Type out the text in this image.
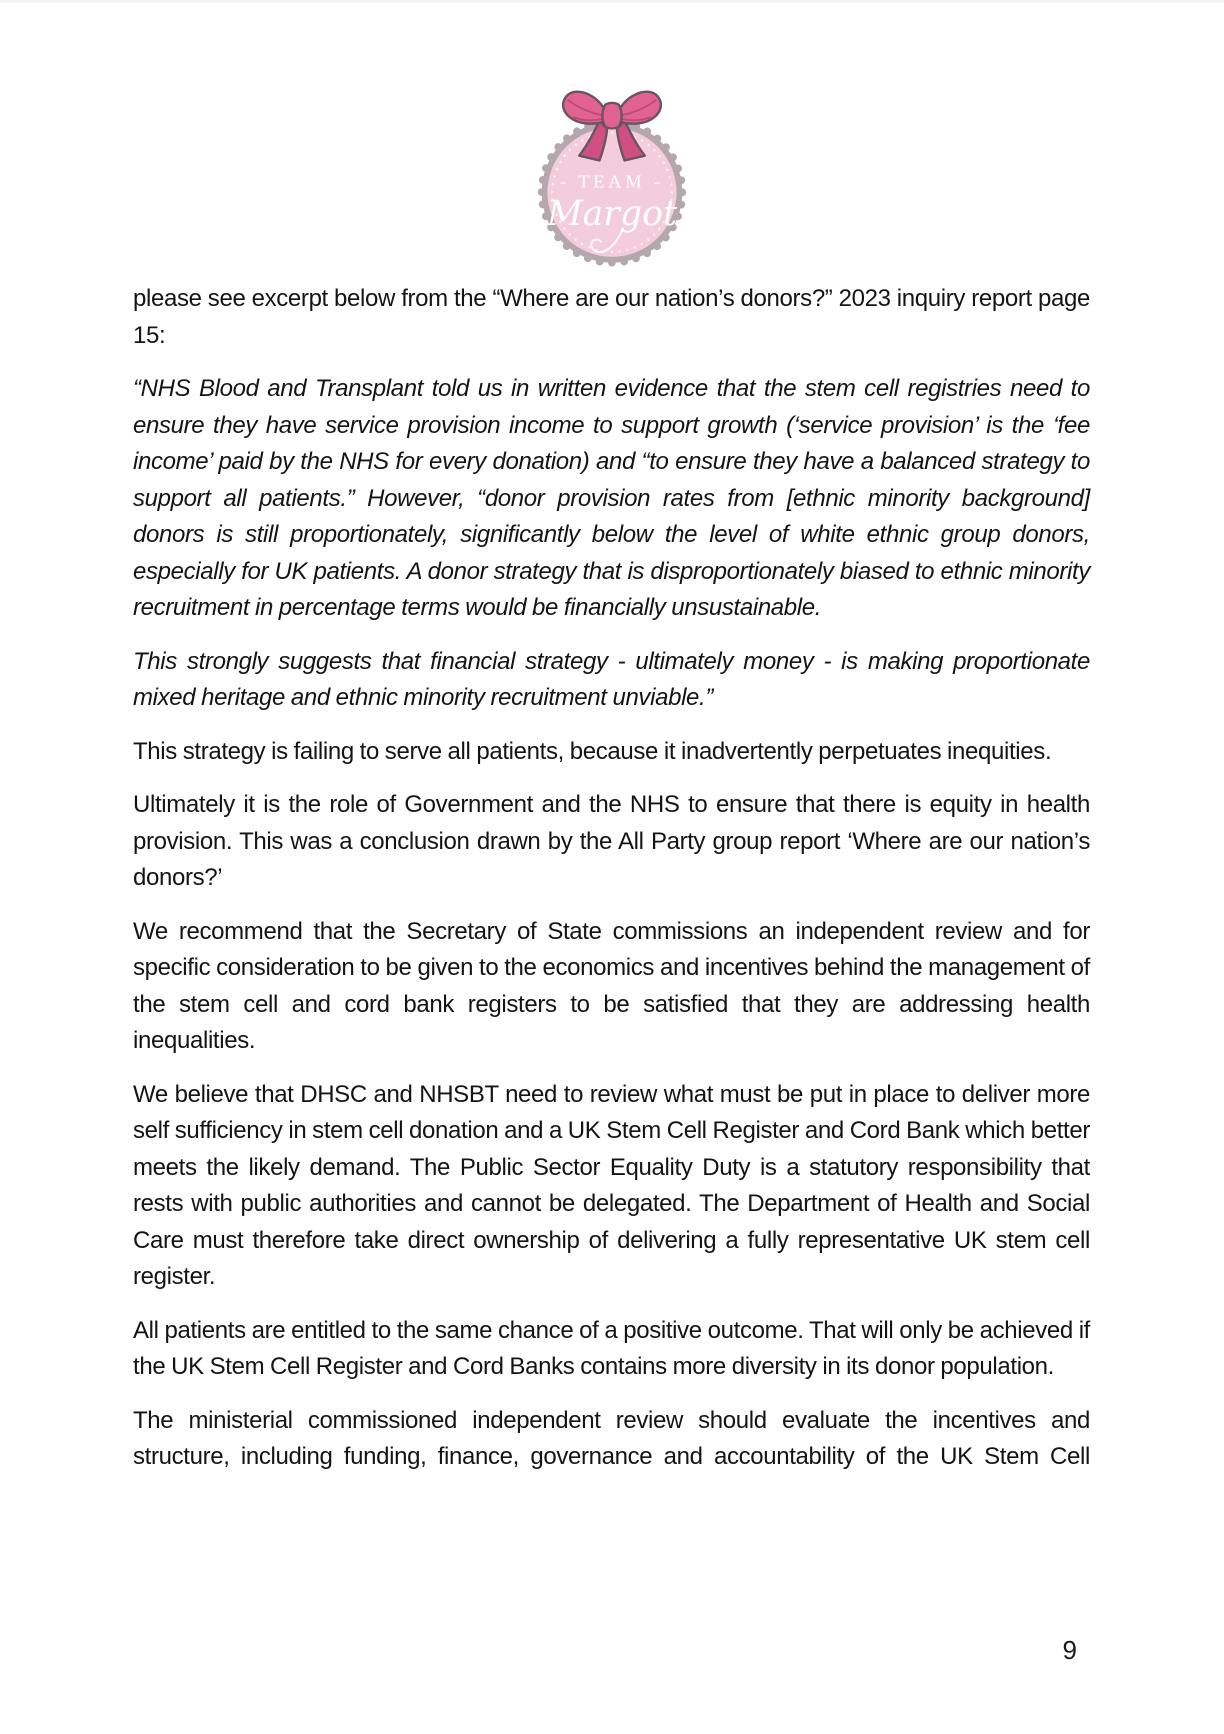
- TEAM -
Margot

please see excerpt below from the “Where are our nation’s donors?” 2023 inquiry report page 15:

“NHS Blood and Transplant told us in written evidence that the stem cell registries need to ensure they have service provision income to support growth (‘service provision’ is the ‘fee income’ paid by the NHS for every donation) and “to ensure they have a balanced strategy to support all patients.” However, “donor provision rates from [ethnic minority background] donors is still proportionately, significantly below the level of white ethnic group donors, especially for UK patients. A donor strategy that is disproportionately biased to ethnic minority recruitment in percentage terms would be financially unsustainable.

This strongly suggests that financial strategy - ultimately money - is making proportionate mixed heritage and ethnic minority recruitment unviable.”

This strategy is failing to serve all patients, because it inadvertently perpetuates inequities.

Ultimately it is the role of Government and the NHS to ensure that there is equity in health provision. This was a conclusion drawn by the All Party group report ‘Where are our nation’s donors?’

We recommend that the Secretary of State commissions an independent review and for specific consideration to be given to the economics and incentives behind the management of the stem cell and cord bank registers to be satisfied that they are addressing health inequalities.

We believe that DHSC and NHSBT need to review what must be put in place to deliver more self sufficiency in stem cell donation and a UK Stem Cell Register and Cord Bank which better meets the likely demand. The Public Sector Equality Duty is a statutory responsibility that rests with public authorities and cannot be delegated. The Department of Health and Social Care must therefore take direct ownership of delivering a fully representative UK stem cell register.

All patients are entitled to the same chance of a positive outcome. That will only be achieved if the UK Stem Cell Register and Cord Banks contains more diversity in its donor population.

The ministerial commissioned independent review should evaluate the incentives and structure, including funding, finance, governance and accountability of the UK Stem Cell

9
